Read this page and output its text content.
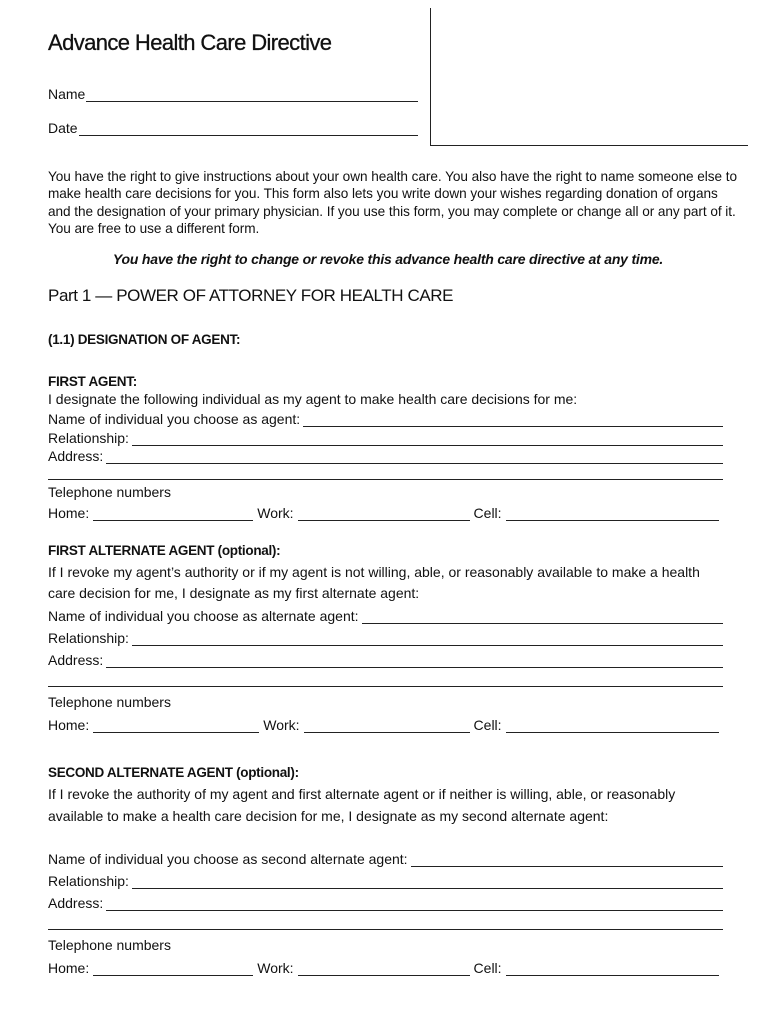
Advance Health Care Directive
Name
Date
You have the right to give instructions about your own health care. You also have the right to name someone else to make health care decisions for you. This form also lets you write down your wishes regarding donation of organs and the designation of your primary physician. If you use this form, you may complete or change all or any part of it. You are free to use a different form.
You have the right to change or revoke this advance health care directive at any time.
Part 1 — POWER OF ATTORNEY FOR HEALTH CARE
(1.1) DESIGNATION OF AGENT:
FIRST AGENT:
I designate the following individual as my agent to make health care decisions for me:
Name of individual you choose as agent:
Relationship:
Address:
Telephone numbers
Home:	Work:	Cell:
FIRST ALTERNATE AGENT (optional):
If I revoke my agent’s authority or if my agent is not willing, able, or reasonably available to make a health care decision for me, I designate as my first alternate agent:
Name of individual you choose as alternate agent:
Relationship:
Address:
Telephone numbers
Home:	Work:	Cell:
SECOND ALTERNATE AGENT (optional):
If I revoke the authority of my agent and first alternate agent or if neither is willing, able, or reasonably available to make a health care decision for me, I designate as my second alternate agent:
Name of individual you choose as second alternate agent:
Relationship:
Address:
Telephone numbers
Home:	Work:	Cell:
